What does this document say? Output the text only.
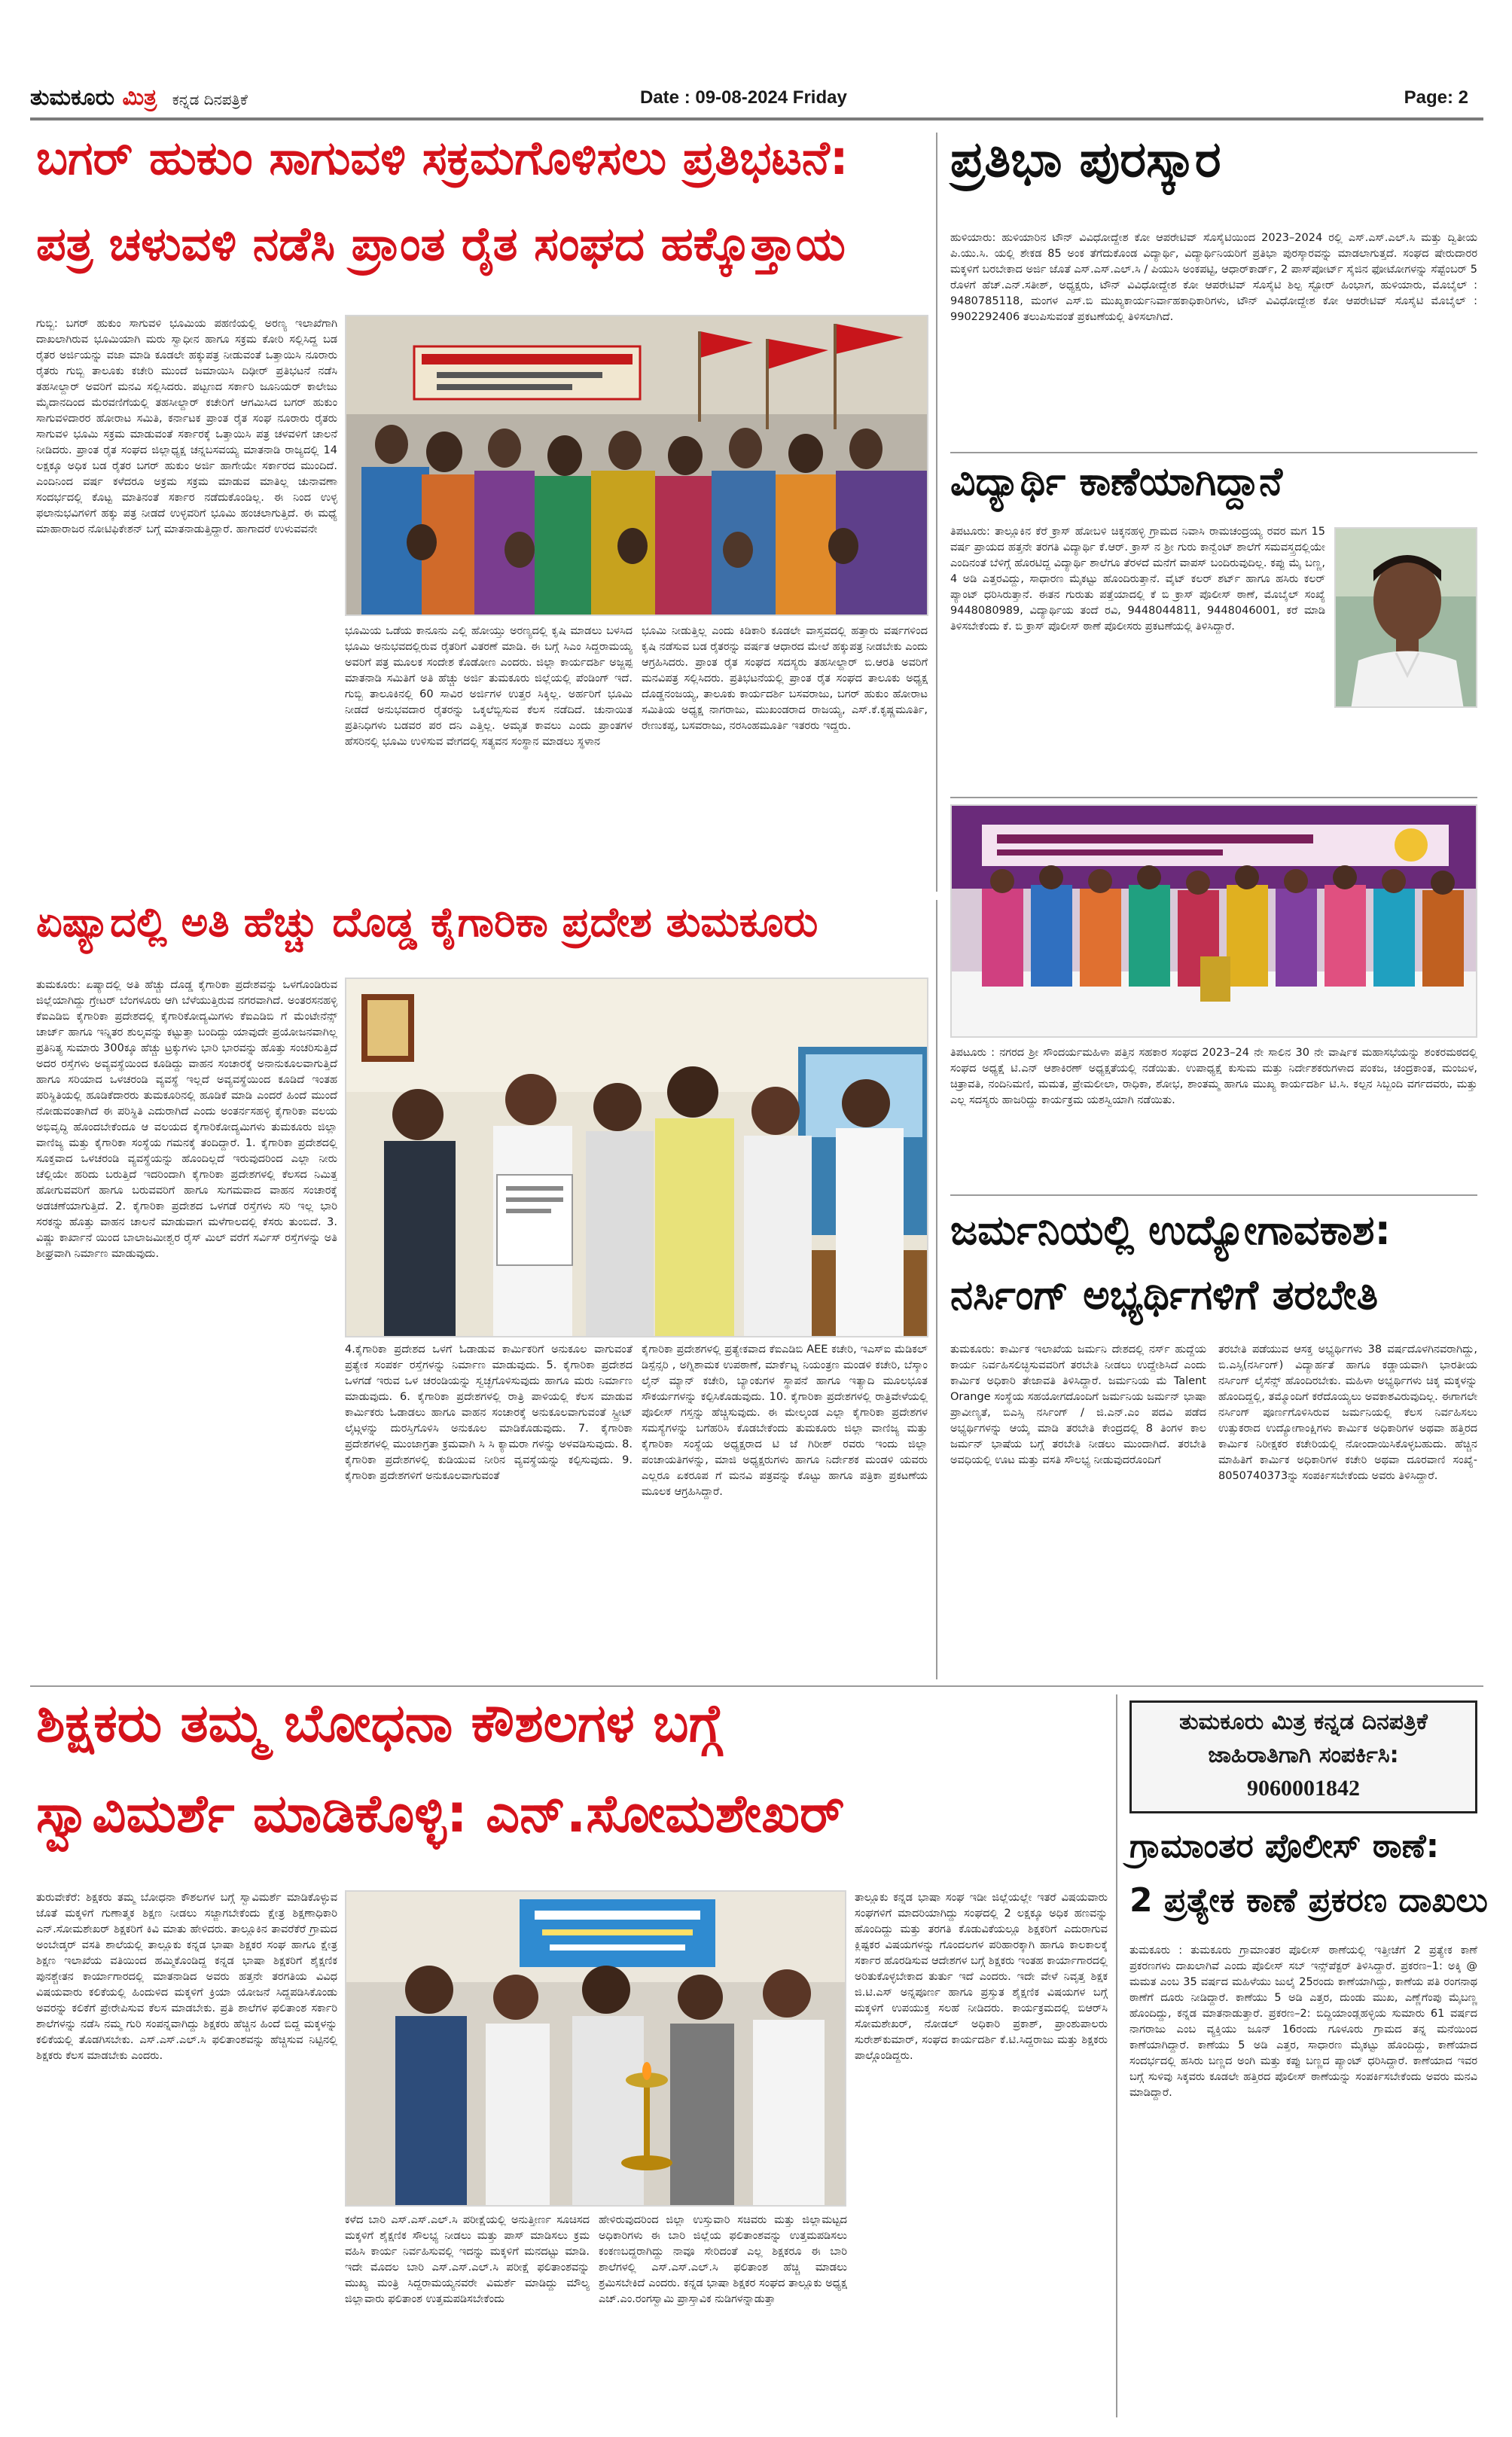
ತುಮಕೂರು ಮಿತ್ರ ಕನ್ನಡ ದಿನಪತ್ರಿಕೆ	Date : 09-08-2024 Friday	Page: 2
ಬಗರ್ ಹುಕುಂ ಸಾಗುವಳಿ ಸಕ್ರಮಗೊಳಿಸಲು ಪ್ರತಿಭಟನೆ:
ಪತ್ರ ಚಳುವಳಿ ನಡೆಸಿ ಪ್ರಾಂತ ರೈತ ಸಂಘದ ಹಕ್ಕೊತ್ತಾಯ

ಗುಬ್ಬಿ: ಬಗರ್ ಹುಕುಂ ಸಾಗುವಳಿ ಭೂಮಿಯ ಪಹಣಿಯಲ್ಲಿ ಅರಣ್ಯ ಇಲಾಖೆಗಾಗಿ ದಾಖಲಾಗಿರುವ ಭೂಮಿಯಾಗಿ ಮರು ಸ್ವಾಧೀನ ಹಾಗೂ ಸಕ್ರಮ ಕೋರಿ ಸಲ್ಲಿಸಿದ್ದ ಬಡ ರೈತರ ಅರ್ಜಿಯನ್ನು ವಜಾ ಮಾಡಿ ಕೂಡಲೇ ಹಕ್ಕುಪತ್ರ ನೀಡುವಂತೆ ಒತ್ತಾಯಿಸಿ ನೂರಾರು ರೈತರು ಗುಬ್ಬಿ ತಾಲೂಕು ಕಚೇರಿ ಮುಂದೆ ಜಮಾಯಿಸಿ ದಿಢೀರ್ ಪ್ರತಿಭಟನೆ ನಡೆಸಿ ತಹಸೀಲ್ದಾರ್ ಅವರಿಗೆ ಮನವಿ ಸಲ್ಲಿಸಿದರು. ಪಟ್ಟಣದ ಸರ್ಕಾರಿ ಜೂನಿಯರ್ ಕಾಲೇಜು ಮೈದಾನದಿಂದ ಮೆರವಣಿಗೆಯಲ್ಲಿ ತಹಸೀಲ್ದಾರ್ ಕಚೇರಿಗೆ ಆಗಮಿಸಿದ ಬಗರ್ ಹುಕುಂ ಸಾಗುವಳಿದಾರರ ಹೋರಾಟ ಸಮಿತಿ, ಕರ್ನಾಟಕ ಪ್ರಾಂತ ರೈತ ಸಂಘ ನೂರಾರು ರೈತರು ಸಾಗುವಳಿ ಭೂಮಿ ಸಕ್ರಮ ಮಾಡುವಂತೆ ಸರ್ಕಾರಕ್ಕೆ ಒತ್ತಾಯಿಸಿ ಪತ್ರ ಚಳವಳಿಗೆ ಚಾಲನೆ ನೀಡಿದರು. ಪ್ರಾಂತ ರೈತ ಸಂಘದ ಜಿಲ್ಲಾಧ್ಯಕ್ಷ ಚನ್ನಬಸವಯ್ಯ ಮಾತನಾಡಿ ರಾಜ್ಯದಲ್ಲಿ 14 ಲಕ್ಷಕ್ಕೂ ಅಧಿಕ ಬಡ ರೈತರ ಬಗರ್ ಹುಕುಂ ಅರ್ಜಿ ಹಾಗೇಯೇ ಸರ್ಕಾರದ ಮುಂದಿದೆ. ಎಂದಿನಿಂದ ವರ್ಷ ಕಳೆದರೂ ಅಕ್ರಮ ಸಕ್ರಮ ಮಾಡುವ ಮಾತಿಲ್ಲ ಚುನಾವಣಾ ಸಂದರ್ಭದಲ್ಲಿ ಕೊಟ್ಟ ಮಾತಿನಂತೆ ಸರ್ಕಾರ ನಡೆದುಕೊಂಡಿಲ್ಲ. ಈ ನಿಂದ ಉಳ್ಳ ಫಲಾನುಭವಿಗಳಿಗೆ ಹಕ್ಕು ಪತ್ರ ನೀಡದೆ ಉಳ್ಳವರಿಗೆ ಭೂಮಿ ಹಂಚಲಾಗುತ್ತಿದೆ. ಈ ಮಧ್ಯೆ ಮಾಹಾರಾಜರ ನೋಟಿಫಿಕೇಶನ್ ಬಗ್ಗೆ ಮಾತನಾಡುತ್ತಿದ್ದಾರೆ. ಹಾಗಾದರೆ ಉಳುವವನೇ

ಭೂಮಿಯ ಒಡೆಯ ಕಾನೂನು ಎಲ್ಲಿ ಹೋಯ್ತು ಅರಣ್ಯದಲ್ಲಿ ಕೃಷಿ ಮಾಡಲು ಬಳಸಿದ ಭೂಮಿ ಅನುಭವದಲ್ಲಿರುವ ರೈತರಿಗೆ ವಿತರಣೆ ಮಾಡಿ. ಈ ಬಗ್ಗೆ ಸಿಎಂ ಸಿದ್ದರಾಮಯ್ಯ ಅವರಿಗೆ ಪತ್ರ ಮೂಲಕ ಸಂದೇಶ ಕೊಡೋಣ ಎಂದರು. ಜಿಲ್ಲಾ ಕಾರ್ಯದರ್ಶಿ ಅಜ್ಜಪ್ಪ ಮಾತನಾಡಿ ಸಮಿತಿಗೆ ಅತಿ ಹೆಚ್ಚು ಅರ್ಜಿ ತುಮಕೂರು ಜಿಲ್ಲೆಯಲ್ಲಿ ಪೆಂಡಿಂಗ್ ಇದೆ. ಗುಬ್ಬಿ ತಾಲೂಕಿನಲ್ಲಿ 60 ಸಾವಿರ ಅರ್ಜಿಗಳ ಉತ್ತರ ಸಿಕ್ಕಿಲ್ಲ. ಅರ್ಹರಿಗೆ ಭೂಮಿ ನೀಡದೆ ಅನುಭವದಾರ ರೈತರನ್ನು ಒಕ್ಕಲೆಬ್ಬಿಸುವ ಕೆಲಸ ನಡೆದಿದೆ. ಚುನಾಯಿತ ಪ್ರತಿನಿಧಿಗಳು ಬಡವರ ಪರ ದನಿ ಎತ್ತಿಲ್ಲ. ಅಮೃತ ಕಾವಲು ಎಂದು ಪ್ರಾಂತಗಳ ಹೆಸರಿನಲ್ಲಿ ಭೂಮಿ ಉಳಿಸುವ ವೇಗದಲ್ಲಿ ಸತ್ಯವನ ಸಂಸ್ಥಾನ ಮಾಡಲು ಸ್ಥಳಾನ

ಭೂಮಿ ನೀಡುತ್ತಿಲ್ಲ ಎಂದು ಕಿಡಿಕಾರಿ ಕೂಡಲೇ ವಾಸ್ತವದಲ್ಲಿ ಹತ್ತಾರು ವರ್ಷಗಳಿಂದ ಕೃಷಿ ನಡೆಸುವ ಬಡ ರೈತರನ್ನು ವರ್ಷತ ಆಧಾರದ ಮೇಲೆ ಹಕ್ಕುಪತ್ರ ನೀಡಬೇಕು ಎಂದು ಆಗ್ರಹಿಸಿದರು. ಪ್ರಾಂತ ರೈತ ಸಂಘದ ಸದಸ್ಯರು ತಹಸೀಲ್ದಾರ್ ಬಿ.ಆರತಿ ಅವರಿಗೆ ಮನವಿಪತ್ರ ಸಲ್ಲಿಸಿದರು. ಪ್ರತಿಭಟನೆಯಲ್ಲಿ ಪ್ರಾಂತ ರೈತ ಸಂಘದ ತಾಲೂಕು ಅಧ್ಯಕ್ಷ ದೊಡ್ಡನಂಜಯ್ಯ, ತಾಲೂಕು ಕಾರ್ಯದರ್ಶಿ ಬಸವರಾಜು, ಬಗರ್ ಹುಕುಂ ಹೋರಾಟ ಸಮಿತಿಯ ಅಧ್ಯಕ್ಷ ನಾಗರಾಜು, ಮುಖಂಡರಾದ ರಾಜಯ್ಯ, ಎಸ್.ಕೆ.ಕೃಷ್ಣಮೂರ್ತಿ, ರೇಣುಕಪ್ಪ, ಬಸವರಾಜು, ನರಸಿಂಹಮೂರ್ತಿ ಇತರರು ಇದ್ದರು.

ಪ್ರತಿಭಾ ಪುರಸ್ಕಾರ

ಹುಳಿಯಾರು: ಹುಳಿಯಾರಿನ ಟೌನ್ ವಿವಿಧೋದ್ದೇಶ ಕೋ ಆಪರೇಟಿವ್ ಸೊಸೈಟಿಯಿಂದ 2023–2024 ರಲ್ಲಿ ಎಸ್.ಎಸ್.ಎಲ್.ಸಿ ಮತ್ತು ದ್ವಿತೀಯ ಪಿ.ಯು.ಸಿ. ಯಲ್ಲಿ ಶೇಕಡ 85 ಅಂಕ ತೆಗೆದುಕೊಂಡ ವಿದ್ಯಾರ್ಥಿ, ವಿದ್ಯಾರ್ಥಿನಿಯರಿಗೆ ಪ್ರತಿಭಾ ಪುರಸ್ಕಾರವನ್ನು ಮಾಡಲಾಗುತ್ತದೆ. ಸಂಘದ ಷೇರುದಾರರ ಮಕ್ಕಳಿಗೆ ಬರಬೇಕಾದ ಅರ್ಜಿ ಜೊತೆ ಎಸ್.ಎಸ್.ಎಲ್.ಸಿ / ಪಿಯುಸಿ ಅಂಕಪಟ್ಟಿ, ಆಧಾರ್‌ಕಾರ್ಡ್, 2 ಪಾಸ್‌ಪೋರ್ಟ್ ಸೈಜಿನ ಫೋಟೋಗಳನ್ನು ಸೆಪ್ಟೆಂಬರ್ 5 ರೊಳಗೆ ಹೆಚ್.ಎನ್.ಸತೀಶ್, ಅಧ್ಯಕ್ಷರು, ಟೌನ್ ವಿವಿಧೋದ್ದೇಶ ಕೋ ಆಪರೇಟಿವ್ ಸೊಸೈಟಿ ಶಿಲ್ಪ ಸ್ಟೋರ್ ಹಿಂಭಾಗ, ಹುಳಿಯಾರು, ಮೊಬೈಲ್ : 9480785118, ಮಂಗಳ ಎಸ್.ಬಿ ಮುಖ್ಯಕಾರ್ಯನಿರ್ವಾಹಕಾಧಿಕಾರಿಗಳು, ಟೌನ್ ವಿವಿಧೋದ್ದೇಶ ಕೋ ಆಪರೇಟಿವ್ ಸೊಸೈಟಿ ಮೊಬೈಲ್ : 9902292406 ತಲುಪಿಸುವಂತೆ ಪ್ರಕಟಣೆಯಲ್ಲಿ ತಿಳಿಸಲಾಗಿದೆ.

ವಿದ್ಯಾರ್ಥಿ ಕಾಣೆಯಾಗಿದ್ದಾನೆ

ತಿಪಟೂರು: ತಾಲ್ಲೂಕಿನ ಕೆರೆ ಕ್ರಾಸ್ ಹೋಬಳಿ ಚಿಕ್ಕನಹಳ್ಳಿ ಗ್ರಾಮದ ನಿವಾಸಿ ರಾಮಚಂದ್ರಯ್ಯ ರವರ ಮಗ 15 ವರ್ಷ ಪ್ರಾಯದ ಹತ್ತನೇ ತರಗತಿ ವಿದ್ಯಾರ್ಥಿ ಕೆ.ಆರ್. ಕ್ರಾಸ್ ನ ಶ್ರೀ ಗುರು ಕಾನ್ವೆಂಟ್ ಶಾಲೆಗೆ ಸಮವಸ್ತ್ರದಲ್ಲಿಯೇ ಎಂದಿನಂತೆ ಬೆಳಿಗ್ಗೆ ಹೊರಟಿದ್ದ ವಿದ್ಯಾರ್ಥಿ ಶಾಲೆಗೂ ತೆರಳದೆ ಮನೆಗೆ ವಾಪಸ್ ಬಂದಿರುವುದಿಲ್ಲ. ಕಪ್ಪು ಮೈ ಬಣ್ಣ, 4 ಅಡಿ ಎತ್ತರವಿದ್ದು, ಸಾಧಾರಣ ಮೈಕಟ್ಟು ಹೊಂದಿರುತ್ತಾನೆ. ವೈಟ್ ಕಲರ್ ಶರ್ಟ್ ಹಾಗೂ ಹಸಿರು ಕಲರ್ ಪ್ಯಾಂಟ್ ಧರಿಸಿರುತ್ತಾನೆ. ಈತನ ಗುರುತು ಪತ್ತೆಯಾದಲ್ಲಿ ಕೆ ಬಿ ಕ್ರಾಸ್ ಪೊಲೀಸ್ ಠಾಣೆ, ಮೊಬೈಲ್ ಸಂಖ್ಯೆ 9448080989, ವಿದ್ಯಾರ್ಥಿಯ ತಂದೆ ರವಿ, 9448044811, 9448046001, ಕರೆ ಮಾಡಿ ತಿಳಿಸಬೇಕೆಂದು ಕೆ. ಬಿ ಕ್ರಾಸ್ ಪೊಲೀಸ್ ಠಾಣೆ ಪೊಲೀಸರು ಪ್ರಕಟಣೆಯಲ್ಲಿ ತಿಳಿಸಿದ್ದಾರೆ.

ತಿಪಟೂರು : ನಗರದ ಶ್ರೀ ಸೌಂದರ್ಯಮಹಿಳಾ ಪತ್ತಿನ ಸಹಕಾರ ಸಂಘದ 2023–24 ನೇ ಸಾಲಿನ 30 ನೇ ವಾರ್ಷಿಕ ಮಹಾಸಭೆಯನ್ನು ಶಂಕರಮಠದಲ್ಲಿ ಸಂಘದ ಅಧ್ಯಕ್ಷೆ ಟಿ.ಎನ್ ಆಶಾಕಿರಣ್ ಅಧ್ಯಕ್ಷತೆಯಲ್ಲಿ ನಡೆಯಿತು. ಉಪಾಧ್ಯಕ್ಷೆ ಕುಸುಮ ಮತ್ತು ನಿರ್ದೇಶಕರುಗಳಾದ ಪಂಕಜ, ಚಂದ್ರಕಾಂತ, ಮಂಜುಳ, ಚಿತ್ರಾವತಿ, ನಂದಿನಿಮಣಿ, ಮಮತ, ಪ್ರೇಮಲೀಲಾ, ರಾಧಿಕಾ, ಶೋಭ, ಶಾಂತಮ್ಮ ಹಾಗೂ ಮುಖ್ಯ ಕಾರ್ಯದರ್ಶಿ ಟಿ.ಸಿ. ಕಲ್ಪನ ಸಿಬ್ಬಂದಿ ವರ್ಗದವರು, ಮತ್ತು ಎಲ್ಲ ಸದಸ್ಯರು ಹಾಜರಿದ್ದು ಕಾರ್ಯಕ್ರಮ ಯಶಸ್ವಿಯಾಗಿ ನಡೆಯಿತು.

ಏಷ್ಯಾದಲ್ಲಿ ಅತಿ ಹೆಚ್ಚು ದೊಡ್ಡ ಕೈಗಾರಿಕಾ ಪ್ರದೇಶ ತುಮಕೂರು

ತುಮಕೂರು: ಏಷ್ಯಾದಲ್ಲಿ ಅತಿ ಹೆಚ್ಚು ದೊಡ್ಡ ಕೈಗಾರಿಕಾ ಪ್ರದೇಶವನ್ನು ಒಳಗೊಂಡಿರುವ ಜಿಲ್ಲೆಯಾಗಿದ್ದು ಗ್ರೇಟರ್ ಬೆಂಗಳೂರು ಆಗಿ ಬೆಳೆಯುತ್ತಿರುವ ನಗರವಾಗಿದೆ. ಅಂತರಸನಹಳ್ಳಿ ಕೆಐಎಡಿಬಿ ಕೈಗಾರಿಕಾ ಪ್ರದೇಶದಲ್ಲಿ ಕೈಗಾರಿಕೋದ್ಯಮಿಗಳು ಕೆಐಎಡಿಬಿ ಗೆ ಮೆಂಟೇನೆನ್ಸ್ ಚಾರ್ಜ್ ಹಾಗೂ ಇನ್ನಿತರ ಶುಲ್ಕವನ್ನು ಕಟ್ಟುತ್ತಾ ಬಂದಿದ್ದು ಯಾವುದೇ ಪ್ರಯೋಜನವಾಗಿಲ್ಲ ಪ್ರತಿನಿತ್ಯ ಸುಮಾರು 300ಕ್ಕೂ ಹೆಚ್ಚು ಟ್ರಕ್ಕುಗಳು ಭಾರಿ ಭಾರವನ್ನು ಹೊತ್ತು ಸಂಚರಿಸುತ್ತಿದೆ ಅದರ ರಸ್ತೆಗಳು ಅವ್ಯವಸ್ಥೆಯಿಂದ ಕೂಡಿದ್ದು ವಾಹನ ಸಂಚಾರಕ್ಕೆ ಅನಾನುಕೂಲವಾಗುತ್ತಿದೆ ಹಾಗೂ ಸರಿಯಾದ ಒಳಚರಂಡಿ ವ್ಯವಸ್ಥೆ ಇಲ್ಲದೆ ಅವ್ಯವಸ್ಥೆಯಿಂದ ಕೂಡಿದೆ ಇಂತಹ ಪರಿಸ್ಥಿತಿಯಲ್ಲಿ ಹೂಡಿಕೆದಾರರು ತುಮಕೂರಿನಲ್ಲಿ ಹೂಡಿಕೆ ಮಾಡಿ ಎಂದರೆ ಹಿಂದೆ ಮುಂದೆ ನೋಡುವಂತಾಗಿದೆ ಈ ಪರಿಸ್ಥಿತಿ ಎದುರಾಗಿದೆ ಎಂದು ಅಂತರ್ನಸಹಳ್ಳಿ ಕೈಗಾರಿಕಾ ವಲಯ ಅಭಿವೃದ್ಧಿ ಹೊಂದಬೇಕೆಂದೂ ಆ ವಲಯದ ಕೈಗಾರಿಕೋದ್ಯಮಿಗಳು ತುಮಕೂರು ಜಿಲ್ಲಾ ವಾಣಿಜ್ಯ ಮತ್ತು ಕೈಗಾರಿಕಾ ಸಂಸ್ಥೆಯ ಗಮನಕ್ಕೆ ತಂದಿದ್ದಾರೆ. 1. ಕೈಗಾರಿಕಾ ಪ್ರದೇಶದಲ್ಲಿ ಸೂಕ್ತವಾದ ಒಳಚರಂಡಿ ವ್ಯವಸ್ಥೆಯನ್ನು ಹೊಂದಿಲ್ಲದೆ ಇರುವುದರಿಂದ ಎಲ್ಲಾ ನೀರು ಚೆಲ್ಲಿಯೇ ಹರಿದು ಬರುತ್ತಿದೆ ಇದರಿಂದಾಗಿ ಕೈಗಾರಿಕಾ ಪ್ರದೇಶಗಳಲ್ಲಿ ಕೆಲಸದ ನಿಮಿತ್ತ ಹೋಗುವವರಿಗೆ ಹಾಗೂ ಬರುವವರಿಗೆ ಹಾಗೂ ಸುಗಮವಾದ ವಾಹನ ಸಂಚಾರಕ್ಕೆ ಅಡಚಣೆಯಾಗುತ್ತಿದೆ. 2. ಕೈಗಾರಿಕಾ ಪ್ರದೇಶದ ಒಳಗಡೆ ರಸ್ತೆಗಳು ಸರಿ ಇಲ್ಲ ಭಾರಿ ಸರಕನ್ನು ಹೊತ್ತು ವಾಹನ ಚಾಲನೆ ಮಾಡುವಾಗ ಮಳೆಗಾಲದಲ್ಲಿ ಕೆಸರು ತುಂಬಿದೆ. 3. ವಿಷ್ಣು ಕಾರ್ಖಾನೆ ಯಿಂದ ಬಾಲಾಜಮೀಶ್ವರ ರೈಸ್ ಮಿಲ್ ವರೆಗೆ ಸರ್ವಿಸ್ ರಸ್ತೆಗಳನ್ನು ಅತಿ ಶೀಘ್ರವಾಗಿ ನಿರ್ಮಾಣ ಮಾಡುವುದು.

4.ಕೈಗಾರಿಕಾ ಪ್ರದೇಶದ ಒಳಗೆ ಓಡಾಡುವ ಕಾರ್ಮಿಕರಿಗೆ ಅನುಕೂಲ ವಾಗುವಂತೆ ಪ್ರತ್ಯೇಕ ಸಂಪರ್ಕ ರಸ್ತೆಗಳನ್ನು ನಿರ್ಮಾಣ ಮಾಡುವುದು. 5. ಕೈಗಾರಿಕಾ ಪ್ರದೇಶದ ಒಳಗಡೆ ಇರುವ ಒಳ ಚರಂಡಿಯನ್ನು ಸ್ವಚ್ಛಗೊಳಿಸುವುದು ಹಾಗೂ ಮರು ನಿರ್ಮಾಣ ಮಾಡುವುದು. 6. ಕೈಗಾರಿಕಾ ಪ್ರದೇಶಗಳಲ್ಲಿ ರಾತ್ರಿ ಪಾಳಿಯಲ್ಲಿ ಕೆಲಸ ಮಾಡುವ ಕಾರ್ಮಿಕರು ಓಡಾಡಲು ಹಾಗೂ ವಾಹನ ಸಂಚಾರಕ್ಕೆ ಅನುಕೂಲವಾಗುವಂತೆ ಸ್ಟ್ರೀಟ್ ಲೈಟ್ಗಳನ್ನು ದುರಸ್ತಿಗೊಳಿಸಿ ಅನುಕೂಲ ಮಾಡಿಕೊಡುವುದು. 7. ಕೈಗಾರಿಕಾ ಪ್ರದೇಶಗಳಲ್ಲಿ ಮುಂಜಾಗ್ರತಾ ಕ್ರಮವಾಗಿ ಸಿ ಸಿ ಕ್ಯಾಮರಾ ಗಳನ್ನು ಅಳವಡಿಸುವುದು. 8. ಕೈಗಾರಿಕಾ ಪ್ರದೇಶಗಳಲ್ಲಿ ಕುಡಿಯುವ ನೀರಿನ ವ್ಯವಸ್ಥೆಯನ್ನು ಕಲ್ಪಿಸುವುದು. 9. ಕೈಗಾರಿಕಾ ಪ್ರದೇಶಗಳಿಗೆ ಅನುಕೂಲವಾಗುವಂತೆ

ಕೈಗಾರಿಕಾ ಪ್ರದೇಶಗಳಲ್ಲಿ ಪ್ರತ್ಯೇಕವಾದ ಕೆಐಎಡಿಬಿ AEE ಕಚೇರಿ, ಇಎಸ್ಐ ಮೆಡಿಕಲ್ ಡಿಸ್ಪೆನ್ಸರಿ , ಅಗ್ನಿಶಾಮಕ ಉಪಠಾಣೆ, ಮಾರ್ಕೆಟ್ನ ನಿಯಂತ್ರಣ ಮಂಡಳಿ ಕಚೇರಿ, ಬೆಸ್ಕಾಂ ಲೈನ್ ಮ್ಯಾನ್ ಕಚೇರಿ, ಬ್ಯಾಂಕುಗಳ ಸ್ಥಾಪನೆ ಹಾಗೂ ಇತ್ಯಾದಿ ಮೂಲಭೂತ ಸೌಕರ್ಯಗಳನ್ನು ಕಲ್ಪಿಸಿಕೊಡುವುದು. 10. ಕೈಗಾರಿಕಾ ಪ್ರದೇಶಗಳಲ್ಲಿ ರಾತ್ರಿವೇಳೆಯಲ್ಲಿ ಪೊಲೀಸ್ ಗಸ್ತನ್ನು ಹೆಚ್ಚಿಸುವುದು. ಈ ಮೇಲ್ಕಂಡ ಎಲ್ಲಾ ಕೈಗಾರಿಕಾ ಪ್ರದೇಶಗಳ ಸಮಸ್ಯೆಗಳನ್ನು ಬಗೆಹರಿಸಿ ಕೊಡಬೇಕೆಂದು ತುಮಕೂರು ಜಿಲ್ಲಾ ವಾಣಿಜ್ಯ ಮತ್ತು ಕೈಗಾರಿಕಾ ಸಂಸ್ಥೆಯ ಅಧ್ಯಕ್ಷರಾದ ಟಿ ಜೆ ಗಿರೀಶ್ ರವರು ಇಂದು ಜಿಲ್ಲಾ ಪಂಚಾಯತಿಗಳನ್ನು, ಮಾಜಿ ಅಧ್ಯಕ್ಷರುಗಳು ಹಾಗೂ ನಿರ್ದೇಶಕ ಮಂಡಳಿ ಯವರು ಎಲ್ಲರೂ ಏಕರೂಪ ಗೆ ಮನವಿ ಪತ್ರವನ್ನು ಕೊಟ್ಟು ಹಾಗೂ ಪತ್ರಿಕಾ ಪ್ರಕಟಣೆಯ ಮೂಲಕ ಆಗ್ರಹಿಸಿದ್ದಾರೆ.

ಜರ್ಮನಿಯಲ್ಲಿ ಉದ್ಯೋಗಾವಕಾಶ:
ನರ್ಸಿಂಗ್ ಅಭ್ಯರ್ಥಿಗಳಿಗೆ ತರಬೇತಿ

ತುಮಕೂರು: ಕಾರ್ಮಿಕ ಇಲಾಖೆಯ ಜರ್ಮನಿ ದೇಶದಲ್ಲಿ ನರ್ಸ್ ಹುದ್ದೆಯ ಕಾರ್ಯ ನಿರ್ವಹಿಸಲಿಚ್ಛಿಸುವವರಿಗೆ ತರಬೇತಿ ನೀಡಲು ಉದ್ದೇಶಿಸಿದೆ ಎಂದು ಕಾರ್ಮಿಕ ಅಧಿಕಾರಿ ತೇಜಾವತಿ ತಿಳಿಸಿದ್ದಾರೆ. ಜರ್ಮನಿಯ ಮೆ Talent Orange ಸಂಸ್ಥೆಯ ಸಹಯೋಗದೊಂದಿಗೆ ಜರ್ಮನಿಯ ಜರ್ಮನ್ ಭಾಷಾ ಪ್ರಾವೀಣ್ಯತೆ, ಬಿಎಸ್ಸಿ ನರ್ಸಿಂಗ್ / ಜಿ.ಎನ್.ಎಂ ಪದವಿ ಪಡೆದ ಅಭ್ಯರ್ಥಿಗಳನ್ನು ಆಯ್ಕೆ ಮಾಡಿ ತರಬೇತಿ ಕೇಂದ್ರದಲ್ಲಿ 8 ತಿಂಗಳ ಕಾಲ ಜರ್ಮನ್ ಭಾಷೆಯ ಬಗ್ಗೆ ತರಬೇತಿ ನೀಡಲು ಮುಂದಾಗಿದೆ. ತರಬೇತಿ ಅವಧಿಯಲ್ಲಿ ಊಟ ಮತ್ತು ವಸತಿ ಸೌಲಭ್ಯ ನೀಡುವುದರೊಂದಿಗೆ

ತರಬೇತಿ ಪಡೆಯುವ ಆಸಕ್ತ ಅಭ್ಯರ್ಥಿಗಳು 38 ವರ್ಷದೊಳಗಿನವರಾಗಿದ್ದು, ಬಿ.ಎಸ್ಸಿ(ನರ್ಸಿಂಗ್) ವಿದ್ಯಾರ್ಹತೆ ಹಾಗೂ ಕಡ್ಡಾಯವಾಗಿ ಭಾರತೀಯ ನರ್ಸಿಂಗ್ ಲೈಸೆನ್ಸ್ ಹೊಂದಿರಬೇಕು. ಮಹಿಳಾ ಅಭ್ಯರ್ಥಿಗಳು ಚಿಕ್ಕ ಮಕ್ಕಳನ್ನು ಹೊಂದಿದ್ದಲ್ಲಿ, ತಮ್ಮೊಂದಿಗೆ ಕರೆದೊಯ್ಯಲು ಅವಕಾಶವಿರುವುದಿಲ್ಲ. ಈಗಾಗಲೇ ನರ್ಸಿಂಗ್ ಪೂರ್ಣಗೊಳಿಸಿರುವ ಜರ್ಮನಿಯಲ್ಲಿ ಕೆಲಸ ನಿರ್ವಹಿಸಲು ಉತ್ಸುಕರಾದ ಉದ್ಯೋಗಾಂಕ್ಷಿಗಳು ಕಾರ್ಮಿಕ ಅಧಿಕಾರಿಗಳ ಅಥವಾ ಹತ್ತಿರದ ಕಾರ್ಮಿಕ ನಿರೀಕ್ಷಕರ ಕಚೇರಿಯಲ್ಲಿ ನೋಂದಾಯಿಸಿಕೊಳ್ಳಬಹುದು. ಹೆಚ್ಚಿನ ಮಾಹಿತಿಗೆ ಕಾರ್ಮಿಕ ಅಧಿಕಾರಿಗಳ ಕಚೇರಿ ಅಥವಾ ದೂರವಾಣಿ ಸಂಖ್ಯೆ- 8050740373ನ್ನು ಸಂಪರ್ಕಿಸಬೇಕೆಂದು ಅವರು ತಿಳಿಸಿದ್ದಾರೆ.

ಶಿಕ್ಷಕರು ತಮ್ಮ ಬೋಧನಾ ಕೌಶಲಗಳ ಬಗ್ಗೆ
ಸ್ವಾವಿಮರ್ಶೆ ಮಾಡಿಕೊಳ್ಳಿ: ಎನ್.ಸೋಮಶೇಖರ್

ತುರುವೇಕೆರೆ: ಶಿಕ್ಷಕರು ತಮ್ಮ ಬೋಧನಾ ಕೌಶಲಗಳ ಬಗ್ಗೆ ಸ್ವಾವಿಮರ್ಶೆ ಮಾಡಿಕೊಳ್ಳುವ ಜೊತೆ ಮಕ್ಕಳಿಗೆ ಗುಣಾತ್ಮಕ ಶಿಕ್ಷಣ ನೀಡಲು ಸಜ್ಜಾಗಬೇಕೆಂದು ಕ್ಷೇತ್ರ ಶಿಕ್ಷಣಾಧಿಕಾರಿ ಎನ್.ಸೋಮಶೇಖರ್ ಶಿಕ್ಷಕರಿಗೆ ಕಿವಿ ಮಾತು ಹೇಳಿದರು. ತಾಲ್ಲೂಕಿನ ತಾವರೆಕೆರೆ ಗ್ರಾಮದ ಅಂಬೇಡ್ಕರ್ ವಸತಿ ಶಾಲೆಯಲ್ಲಿ ತಾಲ್ಲೂಕು ಕನ್ನಡ ಭಾಷಾ ಶಿಕ್ಷಕರ ಸಂಘ ಹಾಗೂ ಕ್ಷೇತ್ರ ಶಿಕ್ಷಣ ಇಲಾಖೆಯ ವತಿಯಿಂದ ಹಮ್ಮಿಕೊಂಡಿದ್ದ ಕನ್ನಡ ಭಾಷಾ ಶಿಕ್ಷಕರಿಗೆ ಶೈಕ್ಷಣಿಕ ಪುನಶ್ಚೇತನ ಕಾರ್ಯಾಗಾರದಲ್ಲಿ ಮಾತನಾಡಿದ ಅವರು ಹತ್ತನೇ ತರಗತಿಯ ವಿವಿಧ ವಿಷಯವಾರು ಕಲಿಕೆಯಲ್ಲಿ ಹಿಂದುಳಿದ ಮಕ್ಕಳಿಗೆ ಕ್ರಿಯಾ ಯೋಜನೆ ಸಿದ್ದಪಡಿಸಿಕೊಂಡು ಅವರನ್ನು ಕಲಿಕೆಗೆ ಪ್ರೇರೇಪಿಸುವ ಕೆಲಸ ಮಾಡಬೇಕು. ಪ್ರತಿ ಶಾಲೆಗಳ ಫಲಿತಾಂಶ ಸರ್ಕಾರಿ ಶಾಲೆಗಳನ್ನು ನಡೆಸಿ ನಮ್ಮ ಗುರಿ ಸಂಪನ್ನವಾಗಿದ್ದು ಶಿಕ್ಷಕರು ಹೆಚ್ಚಿನ ಹಿಂದೆ ಬಿದ್ದ ಮಕ್ಕಳನ್ನು ಕಲಿಕೆಯಲ್ಲಿ ತೊಡಗಿಸಬೇಕು. ಎಸ್.ಎಸ್.ಎಲ್.ಸಿ ಫಲಿತಾಂಶವನ್ನು ಹೆಚ್ಚಿಸುವ ನಿಟ್ಟಿನಲ್ಲಿ ಶಿಕ್ಷಕರು ಕೆಲಸ ಮಾಡಬೇಕು ಎಂದರು.

ಕಳೆದ ಬಾರಿ ಎಸ್.ಎಸ್.ಎಲ್.ಸಿ ಪರೀಕ್ಷೆಯಲ್ಲಿ ಅನುತ್ತೀರ್ಣ ಸೂಚಿಸದ ಮಕ್ಕಳಿಗೆ ಶೈಕ್ಷಣಿಕ ಸೌಲಭ್ಯ ನೀಡಲು ಮತ್ತು ಪಾಸ್ ಮಾಡಿಸಲು ಕ್ರಮ ವಹಿಸಿ ಕಾರ್ಯ ನಿರ್ವಹಿಸುವಲ್ಲಿ ಇದನ್ನು ಮಕ್ಕಳಿಗೆ ಮನದಟ್ಟು ಮಾಡಿ. ಇದೇ ಮೊದಲ ಬಾರಿ ಎಸ್.ಎಸ್.ಎಲ್.ಸಿ ಪರೀಕ್ಷೆ ಫಲಿತಾಂಶವನ್ನು ಮುಖ್ಯ ಮಂತ್ರಿ ಸಿದ್ದರಾಮಯ್ಯನವರೇ ವಿಮರ್ಶೆ ಮಾಡಿದ್ದು ಮೌಲ್ಯ ಜಿಲ್ಲಾವಾರು ಫಲಿತಾಂಶ ಉತ್ತಮಪಡಿಸಬೇಕೆಂದು

ಹೇಳಿರುವುದರಿಂದ ಜಿಲ್ಲಾ ಉಸ್ತುವಾರಿ ಸಚಿವರು ಮತ್ತು ಜಿಲ್ಲಾಮಟ್ಟದ ಅಧಿಕಾರಿಗಳು ಈ ಬಾರಿ ಜಿಲ್ಲೆಯ ಫಲಿತಾಂಶವನ್ನು ಉತ್ತಮಪಡಿಸಲು ಕಂಕಣಬದ್ದರಾಗಿದ್ದು ನಾವೂ ಸೇರಿದಂತೆ ಎಲ್ಲ ಶಿಕ್ಷಕರೂ ಈ ಬಾರಿ ಶಾಲೆಗಳಲ್ಲಿ ಎಸ್.ಎಸ್.ಎಲ್.ಸಿ ಫಲಿತಾಂಶ ಹೆಚ್ಚಿ ಮಾಡಲು ಶ್ರಮಿಸಬೇಕಿದೆ ಎಂದರು. ಕನ್ನಡ ಭಾಷಾ ಶಿಕ್ಷಕರ ಸಂಘದ ತಾಲ್ಲೂಕು ಅಧ್ಯಕ್ಷ ಎಚ್.ಎಂ.ರಂಗಸ್ವಾಮಿ ಪ್ರಾಸ್ತಾವಿಕ ನುಡಿಗಳನ್ನಾಡುತ್ತಾ

ತಾಲ್ಲೂಕು ಕನ್ನಡ ಭಾಷಾ ಸಂಘ ಇಡೀ ಜಿಲ್ಲೆಯಲ್ಲೇ ಇತರೆ ವಿಷಯವಾರು ಸಂಘಗಳಿಗೆ ಮಾದರಿಯಾಗಿದ್ದು ಸಂಘದಲ್ಲಿ 2 ಲಕ್ಷಕ್ಕೂ ಅಧಿಕ ಹಣವನ್ನು ಹೊಂದಿದ್ದು ಮತ್ತು ತರಗತಿ ಕೊಡುವಿಕೆಯಲ್ಲೂ ಶಿಕ್ಷಕರಿಗೆ ಎದುರಾಗುವ ಕ್ಲಿಷ್ಟಕರ ವಿಷಯಗಳನ್ನು ಗೊಂದಲಗಳ ಪರಿಹಾರಕ್ಕಾಗಿ ಹಾಗೂ ಕಾಲಕಾಲಕ್ಕೆ ಸರ್ಕಾರ ಹೊರಡಿಸುವ ಆದೇಶಗಳ ಬಗ್ಗೆ ಶಿಕ್ಷಕರು ಇಂತಹ ಕಾರ್ಯಾಗಾರದಲ್ಲಿ ಅರಿತುಕೊಳ್ಳಬೇಕಾದ ತುರ್ತು ಇದೆ ಎಂದರು. ಇದೇ ವೇಳೆ ನಿವೃತ್ತ ಶಿಕ್ಷಕ ಜಿ.ಟಿ.ಎಸ್ ಅನ್ನಪೂರ್ಣ ಹಾಗೂ ಪ್ರಸ್ತುತ ಶೈಕ್ಷಣಿಕ ವಿಷಯಗಳ ಬಗ್ಗೆ ಮಕ್ಕಳಿಗೆ ಉಪಯುಕ್ತ ಸಲಹೆ ನೀಡಿದರು. ಕಾರ್ಯಕ್ರಮದಲ್ಲಿ ಬಿಆರ್‌ಸಿ ಸೋಮಶೇಖರ್, ನೋಡಲ್ ಅಧಿಕಾರಿ ಪ್ರಕಾಶ್, ಪ್ರಾಂಶುಪಾಲರು ಸುರೇಶ್‌ಕುಮಾರ್, ಸಂಘದ ಕಾರ್ಯದರ್ಶಿ ಕೆ.ಟಿ.ಸಿದ್ದರಾಜು ಮತ್ತು ಶಿಕ್ಷಕರು ಪಾಲ್ಗೊಂಡಿದ್ದರು.

ತುಮಕೂರು ಮಿತ್ರ ಕನ್ನಡ ದಿನಪತ್ರಿಕೆ
ಜಾಹಿರಾತಿಗಾಗಿ ಸಂಪರ್ಕಿಸಿ:
9060001842
ಗ್ರಾಮಾಂತರ ಪೊಲೀಸ್ ಠಾಣೆ:
2 ಪ್ರತ್ಯೇಕ ಕಾಣೆ ಪ್ರಕರಣ ದಾಖಲು

ತುಮಕೂರು : ತುಮಕೂರು ಗ್ರಾಮಾಂತರ ಪೊಲೀಸ್ ಠಾಣೆಯಲ್ಲಿ ಇತ್ತೀಚೆಗೆ 2 ಪ್ರತ್ಯೇಕ ಕಾಣೆ ಪ್ರಕರಣಗಳು ದಾಖಲಾಗಿವೆ ಎಂದು ಪೊಲೀಸ್ ಸಬ್ ಇನ್ಸ್‌ಪೆಕ್ಟರ್ ತಿಳಿಸಿದ್ದಾರೆ. ಪ್ರಕರಣ–1: ಅಕ್ಕಿ @ ಮಮತ ಎಂಬ 35 ವರ್ಷದ ಮಹಿಳೆಯು ಜುಲೈ 25ರಂದು ಕಾಣೆಯಾಗಿದ್ದು, ಕಾಣೆಯ ಪತಿ ರಂಗನಾಥ ಠಾಣೆಗೆ ದೂರು ನೀಡಿದ್ದಾರೆ. ಕಾಣೆಯು 5 ಅಡಿ ಎತ್ತರ, ದುಂಡು ಮುಖ, ಎಣ್ಣೆಗೆಂಪು ಮೈಬಣ್ಣ ಹೊಂದಿದ್ದು, ಕನ್ನಡ ಮಾತನಾಡುತ್ತಾರೆ. ಪ್ರಕರಣ–2: ಬಿದ್ದಿಯಾಂಡ್ಲಹಳ್ಳಿಯ ಸುಮಾರು 61 ವರ್ಷದ ನಾಗರಾಜು ಎಂಬ ವ್ಯಕ್ತಿಯು ಜೂನ್ 16ರಂದು ಗೂಳೂರು ಗ್ರಾಮದ ತನ್ನ ಮನೆಯಿಂದ ಕಾಣೆಯಾಗಿದ್ದಾರೆ. ಕಾಣೆಯು 5 ಅಡಿ ಎತ್ತರ, ಸಾಧಾರಣ ಮೈಕಟ್ಟು ಹೊಂದಿದ್ದು, ಕಾಣೆಯಾದ ಸಂದರ್ಭದಲ್ಲಿ ಹಸಿರು ಬಣ್ಣದ ಅಂಗಿ ಮತ್ತು ಕಪ್ಪು ಬಣ್ಣದ ಪ್ಯಾಂಟ್ ಧರಿಸಿದ್ದಾರೆ. ಕಾಣೆಯಾದ ಇವರ ಬಗ್ಗೆ ಸುಳಿವು ಸಿಕ್ಕವರು ಕೂಡಲೇ ಹತ್ತಿರದ ಪೊಲೀಸ್ ಠಾಣೆಯನ್ನು ಸಂಪರ್ಕಿಸಬೇಕೆಂದು ಅವರು ಮನವಿ ಮಾಡಿದ್ದಾರೆ.
